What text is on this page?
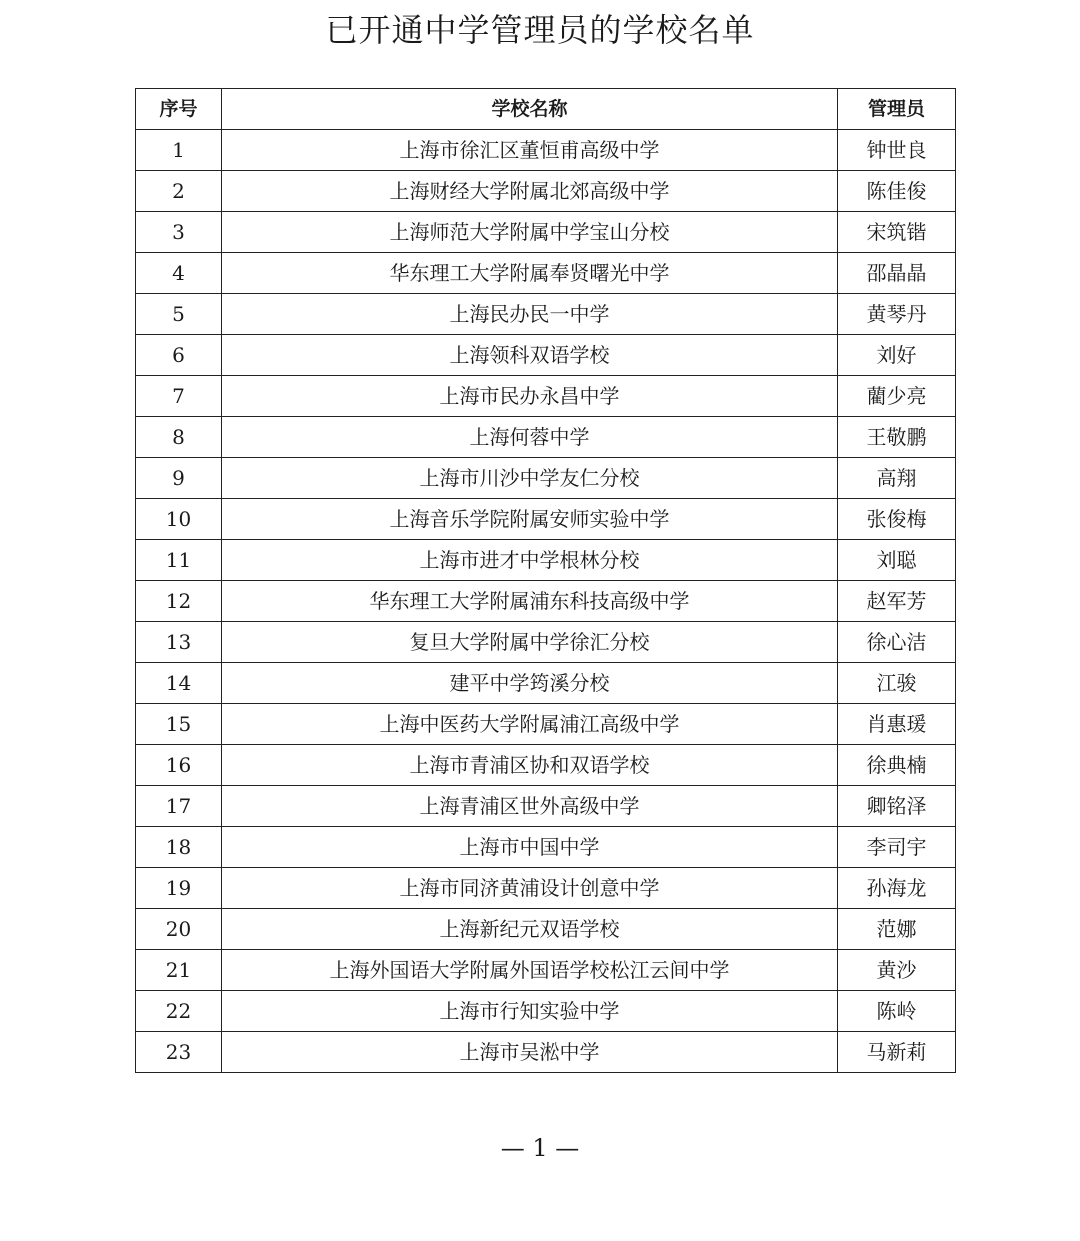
已开通中学管理员的学校名单
序号	学校名称	管理员
1	上海市徐汇区董恒甫高级中学	钟世良
2	上海财经大学附属北郊高级中学	陈佳俊
3	上海师范大学附属中学宝山分校	宋筑锴
4	华东理工大学附属奉贤曙光中学	邵晶晶
5	上海民办民一中学	黄琴丹
6	上海领科双语学校	刘好
7	上海市民办永昌中学	藺少亮
8	上海何蓉中学	王敬鹏
9	上海市川沙中学友仁分校	高翔
10	上海音乐学院附属安师实验中学	张俊梅
11	上海市进才中学根林分校	刘聪
12	华东理工大学附属浦东科技高级中学	赵军芳
13	复旦大学附属中学徐汇分校	徐心洁
14	建平中学筠溪分校	江骏
15	上海中医药大学附属浦江高级中学	肖惠瑗
16	上海市青浦区协和双语学校	徐典楠
17	上海青浦区世外高级中学	卿铭泽
18	上海市中国中学	李司宇
19	上海市同济黄浦设计创意中学	孙海龙
20	上海新纪元双语学校	范娜
21	上海外国语大学附属外国语学校松江云间中学	黄沙
22	上海市行知实验中学	陈岭
23	上海市吴淞中学	马新莉
— 1 —
